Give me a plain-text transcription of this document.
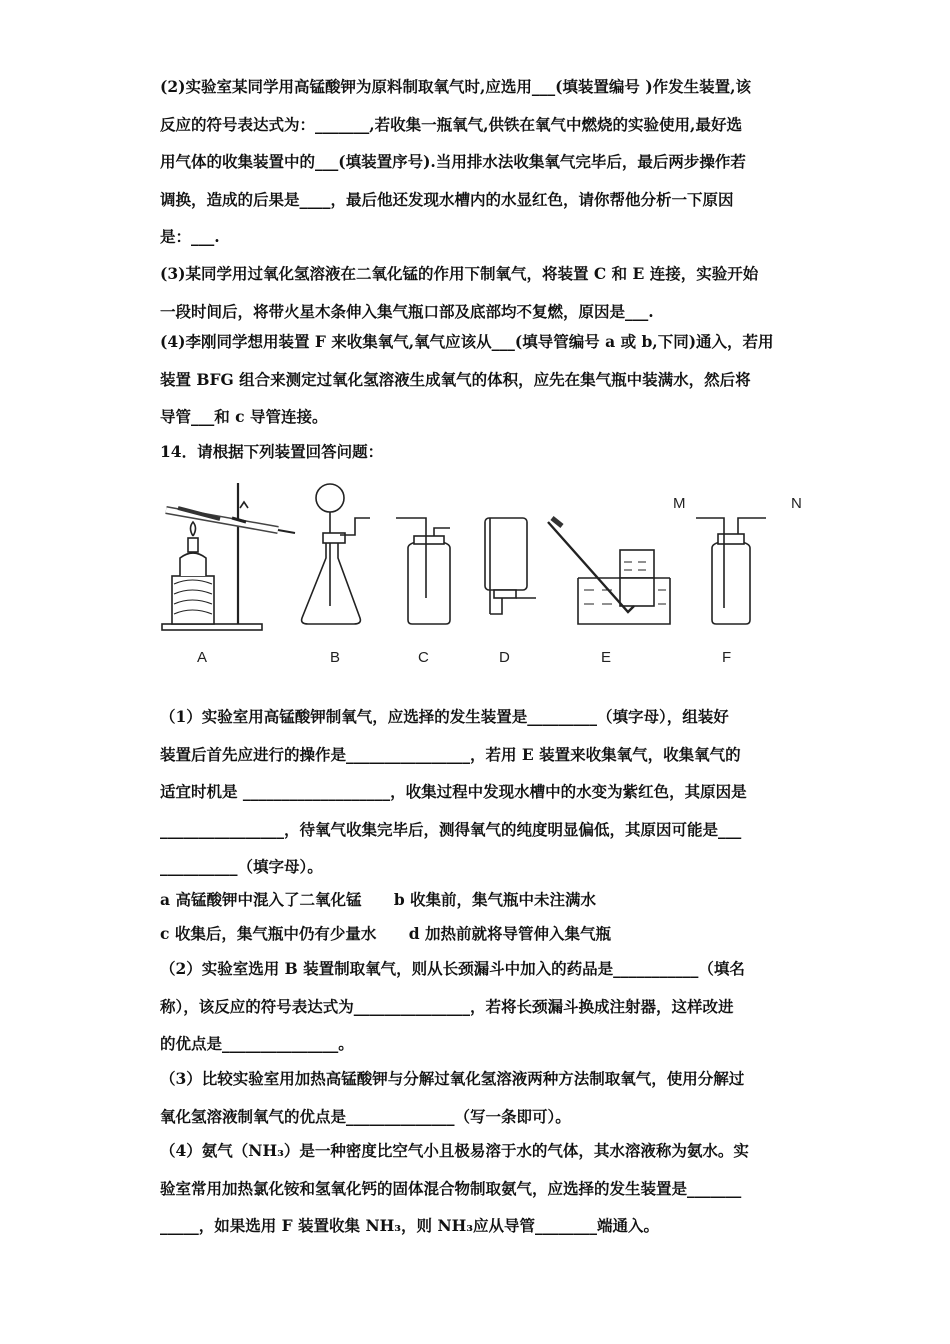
(2)实验室某同学用高锰酸钾为原料制取氧气时,应选用___(填装置编号 )作发生装置,该
反应的符号表达式为：_______,若收集一瓶氧气,供铁在氧气中燃烧的实验使用,最好选
用气体的收集装置中的___(填装置序号).当用排水法收集氧气完毕后，最后两步操作若
调换，造成的后果是____，最后他还发现水槽内的水显红色，请你帮他分析一下原因
是：___.
(3)某同学用过氧化氢溶液在二氧化锰的作用下制氧气，将装置 C 和 E 连接，实验开始
一段时间后，将带火星木条伸入集气瓶口部及底部均不复燃，原因是___.
(4)李刚同学想用装置 F 来收集氧气,氧气应该从___(填导管编号 a 或 b,下同)通入，若用
装置 BFG 组合来测定过氧化氢溶液生成氧气的体积，应先在集气瓶中装满水，然后将
导管___和 c 导管连接。
14．请根据下列装置回答问题：
M	N
A	B	C	D	E	F
（1）实验室用高锰酸钾制氧气，应选择的发生装置是_________（填字母），组装好
装置后首先应进行的操作是________________，若用 E 装置来收集氧气，收集氧气的
适宜时机是 ___________________，收集过程中发现水槽中的水变为紫红色，其原因是
________________，待氧气收集完毕后，测得氧气的纯度明显偏低，其原因可能是___
__________（填字母）。
a 高锰酸钾中混入了二氧化锰      b 收集前，集气瓶中未注满水
c 收集后，集气瓶中仍有少量水      d 加热前就将导管伸入集气瓶
（2）实验室选用 B 装置制取氧气，则从长颈漏斗中加入的药品是___________（填名
称），该反应的符号表达式为_______________，若将长颈漏斗换成注射器，这样改进
的优点是_______________。
（3）比较实验室用加热高锰酸钾与分解过氧化氢溶液两种方法制取氧气，使用分解过
氧化氢溶液制氧气的优点是______________（写一条即可）。
（4）氨气（NH₃）是一种密度比空气小且极易溶于水的气体，其水溶液称为氨水。实
验室常用加热氯化铵和氢氧化钙的固体混合物制取氨气，应选择的发生装置是_______
_____，如果选用 F 装置收集 NH₃，则 NH₃应从导管________端通入。
